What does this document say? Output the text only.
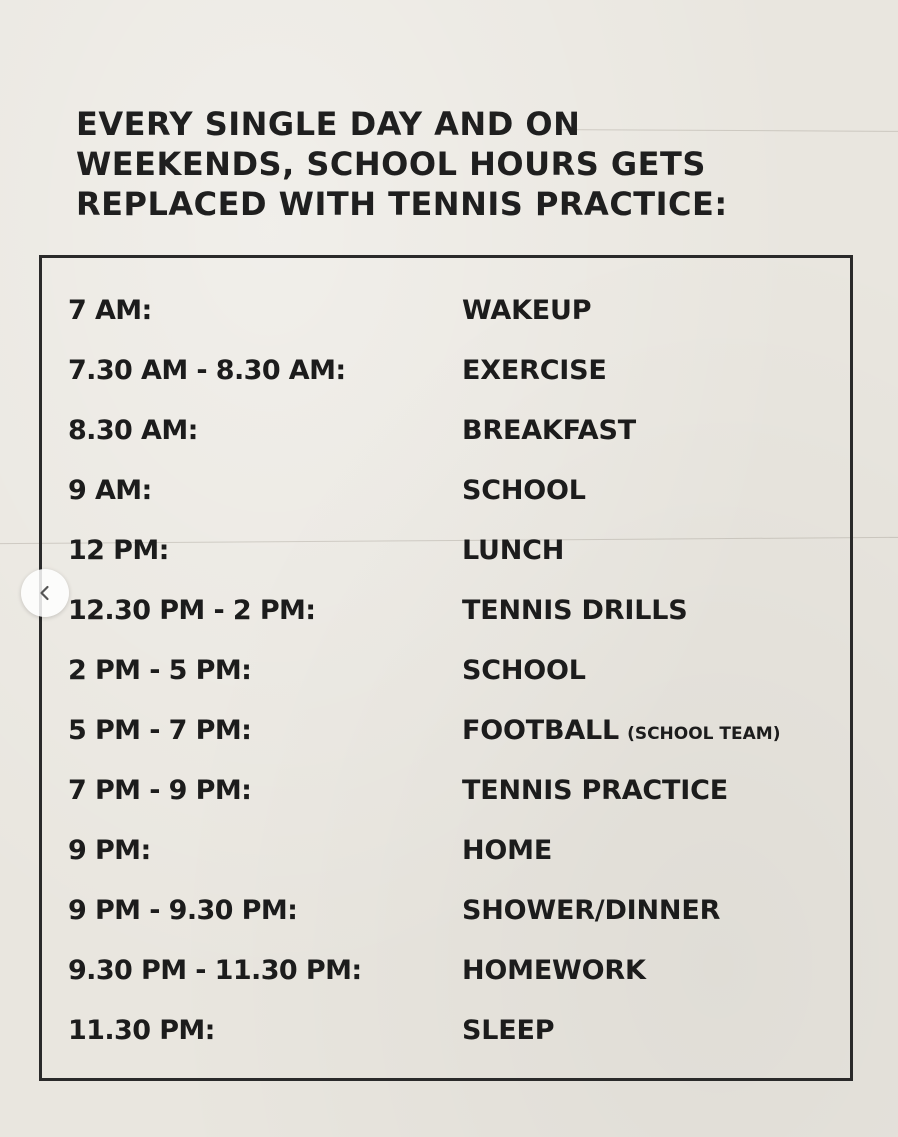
EVERY SINGLE DAY AND ON
WEEKENDS, SCHOOL HOURS GETS
REPLACED WITH TENNIS PRACTICE:
7 AM:	WAKEUP
7.30 AM - 8.30 AM:	EXERCISE
8.30 AM:	BREAKFAST
9 AM:	SCHOOL
12 PM:	LUNCH
12.30 PM - 2 PM:	TENNIS DRILLS
2 PM - 5 PM:	SCHOOL
5 PM - 7 PM:	FOOTBALL (SCHOOL TEAM)
7 PM - 9 PM:	TENNIS PRACTICE
9 PM:	HOME
9 PM - 9.30 PM:	SHOWER/DINNER
9.30 PM - 11.30 PM:	HOMEWORK
11.30 PM:	SLEEP
